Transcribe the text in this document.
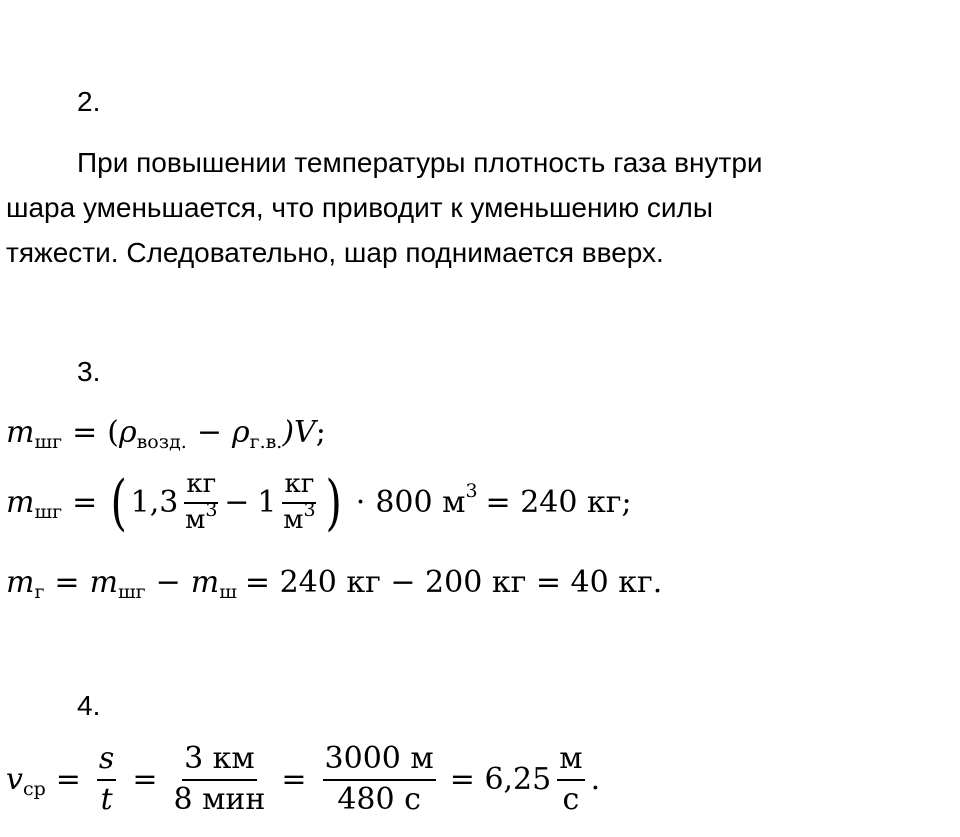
2.

При повышении температуры плотность газа внутри
шара уменьшается, что приводит к уменьшению силы
тяжести. Следовательно, шар поднимается вверх.

3.
m шг = ( ρ возд. − ρ г.в. )V ;
m шг = ( $1,3 \frac{кг}{м^3} - 1 \frac{кг}{м^3}$ ) · 800 м 3 = 240 кг;
m г = m шг − m ш = 240 кг − 200 кг = 40 кг.
4.
v ср = $\frac{s}{t} = \frac{3 км}{\text{8 мин}} = \frac{3000 м}{480 с} = 6,25 \frac{м}{с}$ .
